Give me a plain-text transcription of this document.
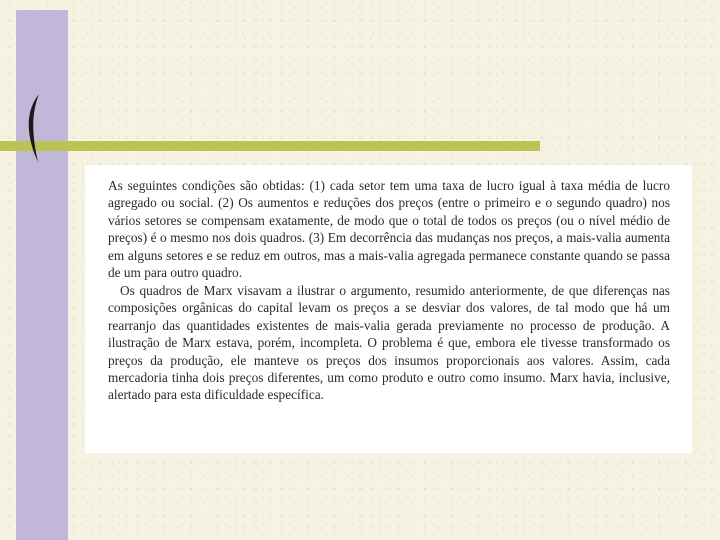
As seguintes condições são obtidas: (1) cada setor tem uma taxa de lucro igual à taxa média de lucro agregado ou social. (2) Os aumentos e reduções dos preços (entre o primeiro e o segundo quadro) nos vários setores se compensam exatamente, de modo que o total de todos os preços (ou o nível médio de preços) é o mesmo nos dois quadros. (3) Em decorrência das mudanças nos preços, a mais-valia aumenta em alguns setores e se reduz em outros, mas a mais-valia agregada permanece constante quando se passa de um para outro quadro.

Os quadros de Marx visavam a ilustrar o argumento, resumido anteriormente, de que diferenças nas composições orgânicas do capital levam os preços a se desviar dos valores, de tal modo que há um rearranjo das quantidades existentes de mais-valia gerada previamente no processo de produção. A ilustração de Marx estava, porém, incompleta. O problema é que, embora ele tivesse transformado os preços da produção, ele manteve os preços dos insumos proporcionais aos valores. Assim, cada mercadoria tinha dois preços diferentes, um como produto e outro como insumo. Marx havia, inclusive, alertado para esta dificuldade específica.
